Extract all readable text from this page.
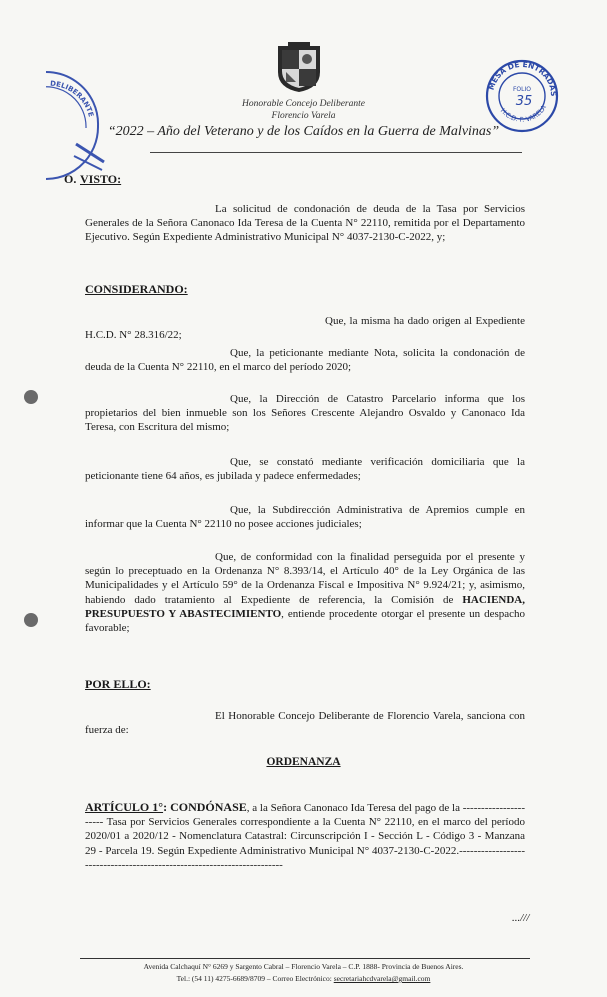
Honorable Concejo Deliberante
Florencio Varela
“2022 – Año del Veterano y de los Caídos en la Guerra de Malvinas”
MESA DE ENTRADAS
H.C.D. F. VARELA
FOLIO
35
DELIBERANTE
O. VISTO:
La solicitud de condonación de deuda de la Tasa por Servicios Generales de la Señora Canonaco Ida Teresa de la Cuenta N° 22110, remitida por el Departamento Ejecutivo. Según Expediente Administrativo Municipal N° 4037-2130-C-2022, y;
CONSIDERANDO:
Que, la misma ha dado origen al Expediente H.C.D. N° 28.316/22;
Que, la peticionante mediante Nota, solicita la condonación de deuda de la Cuenta N° 22110, en el marco del período 2020;
Que, la Dirección de Catastro Parcelario informa que los propietarios del bien inmueble son los Señores Crescente Alejandro Osvaldo y Canonaco Ida Teresa, con Escritura del mismo;
Que, se constató mediante verificación domiciliaria que la peticionante tiene 64 años, es jubilada y padece enfermedades;
Que, la Subdirección Administrativa de Apremios cumple en informar que la Cuenta N° 22110 no posee acciones judiciales;
Que, de conformidad con la finalidad perseguida por el presente y según lo preceptuado en la Ordenanza N° 8.393/14, el Artículo 40° de la Ley Orgánica de las Municipalidades y el Artículo 59° de la Ordenanza Fiscal e Impositiva N° 9.924/21; y, asimismo, habiendo dado tratamiento al Expediente de referencia, la Comisión de HACIENDA, PRESUPUESTO Y ABASTECIMIENTO, entiende procedente otorgar el presente un despacho favorable;
POR ELLO:
El Honorable Concejo Deliberante de Florencio Varela, sanciona con fuerza de:
ORDENANZA
ARTÍCULO 1°: CONDÓNASE, a la Señora Canonaco Ida Teresa del pago de la ---------------------- Tasa por Servicios Generales correspondiente a la Cuenta N° 22110, en el marco del período 2020/01 a 2020/12 - Nomenclatura Catastral: Circunscripción I - Sección L - Código 3 - Manzana 29 - Parcela 19. Según Expediente Administrativo Municipal N° 4037-2130-C-2022.------------------------------------------------------------------------
...///
Avenida Calchaquí N° 6269 y Sargento Cabral – Florencio Varela – C.P. 1888- Provincia de Buenos Aires.
Tel.: (54 11) 4275-6689/8709 – Correo Electrónico: secretariahcdvarela@gmail.com
